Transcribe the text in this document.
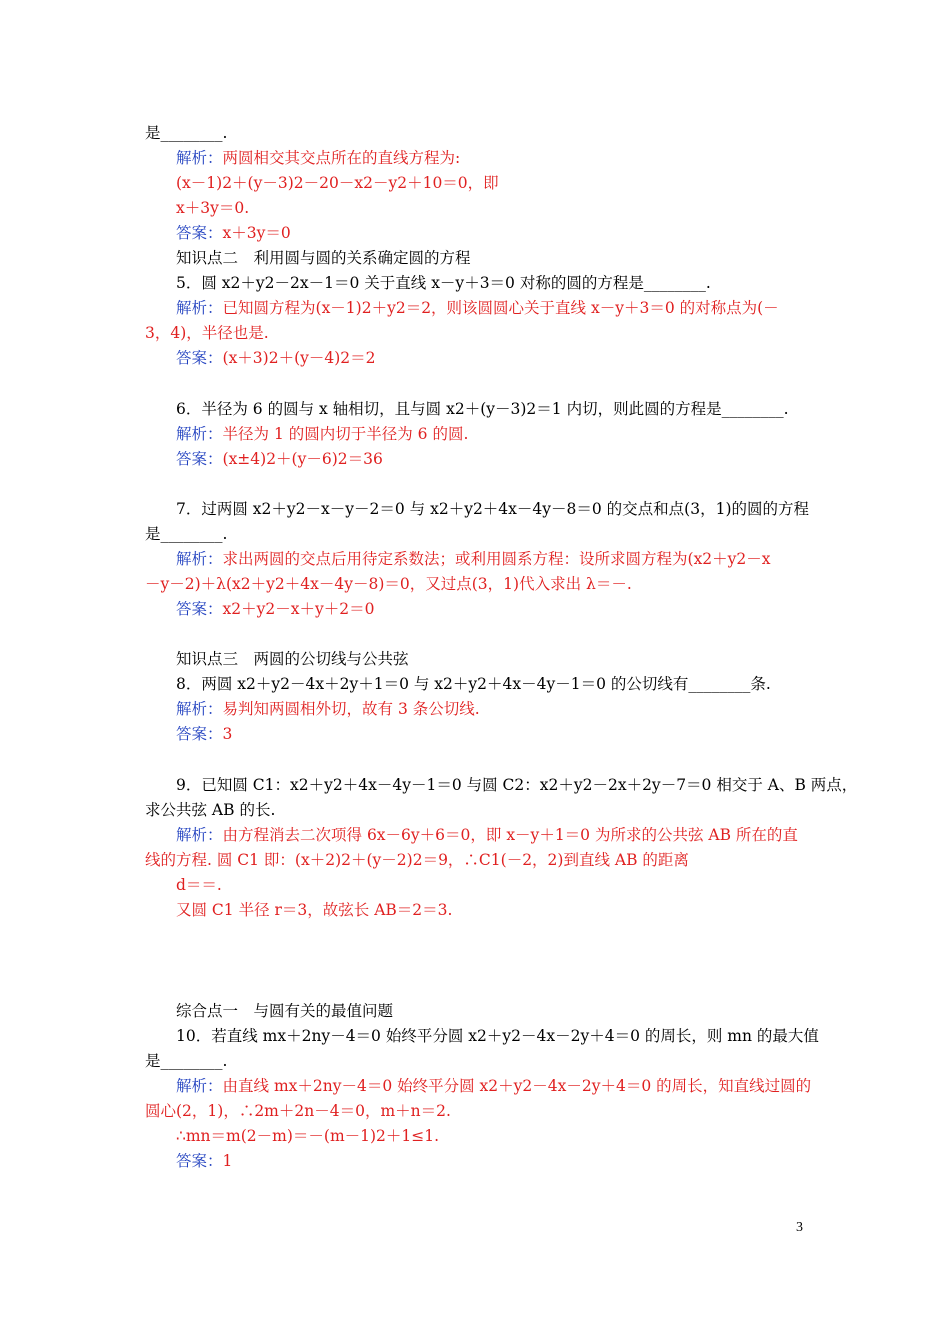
是________.
解析：两圆相交其交点所在的直线方程为:
(x－1)2＋(y－3)2－20－x2－y2＋10＝0，即
x＋3y＝0.
答案：x＋3y＝0
知识点二　利用圆与圆的关系确定圆的方程
5．圆 x2＋y2－2x－1＝0 关于直线 x－y＋3＝0 对称的圆的方程是________.
解析：已知圆方程为(x－1)2＋y2＝2，则该圆圆心关于直线 x－y＋3＝0 的对称点为(－
3，4)，半径也是.
答案：(x＋3)2＋(y－4)2＝2
6．半径为 6 的圆与 x 轴相切，且与圆 x2＋(y－3)2＝1 内切，则此圆的方程是________.
解析：半径为 1 的圆内切于半径为 6 的圆.
答案：(x±4)2＋(y－6)2＝36
7．过两圆 x2＋y2－x－y－2＝0 与 x2＋y2＋4x－4y－8＝0 的交点和点(3，1)的圆的方程
是________.
解析：求出两圆的交点后用待定系数法；或利用圆系方程：设所求圆方程为(x2＋y2－x
－y－2)＋λ(x2＋y2＋4x－4y－8)＝0，又过点(3，1)代入求出 λ＝－.
答案：x2＋y2－x＋y＋2＝0
知识点三　两圆的公切线与公共弦
8．两圆 x2＋y2－4x＋2y＋1＝0 与 x2＋y2＋4x－4y－1＝0 的公切线有________条.
解析：易判知两圆相外切，故有 3 条公切线.
答案：3
9．已知圆 C1：x2＋y2＋4x－4y－1＝0 与圆 C2：x2＋y2－2x＋2y－7＝0 相交于 A、B 两点，
求公共弦 AB 的长.
解析：由方程消去二次项得 6x－6y＋6＝0，即 x－y＋1＝0 为所求的公共弦 AB 所在的直
线的方程. 圆 C1 即：(x＋2)2＋(y－2)2＝9，∴C1(－2，2)到直线 AB 的距离
d＝＝.
又圆 C1 半径 r＝3，故弦长 AB＝2＝3.
综合点一　与圆有关的最值问题
10．若直线 mx＋2ny－4＝0 始终平分圆 x2＋y2－4x－2y＋4＝0 的周长，则 mn 的最大值
是________.
解析：由直线 mx＋2ny－4＝0 始终平分圆 x2＋y2－4x－2y＋4＝0 的周长，知直线过圆的
圆心(2，1)，∴2m＋2n－4＝0，m＋n＝2.
∴mn＝m(2－m)＝－(m－1)2＋1≤1.
答案：1
3
